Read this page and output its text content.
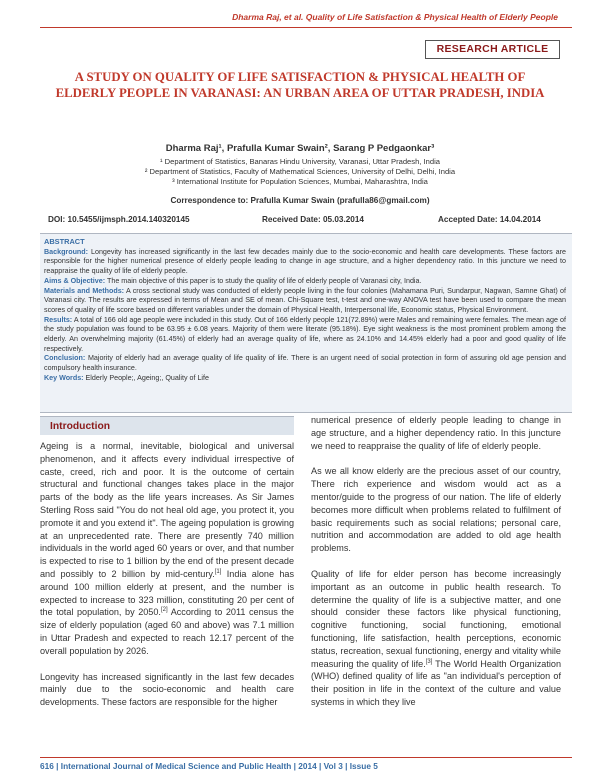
Dharma Raj, et al. Quality of Life Satisfaction & Physical Health of Elderly People
RESEARCH ARTICLE
A STUDY ON QUALITY OF LIFE SATISFACTION & PHYSICAL HEALTH OF ELDERLY PEOPLE IN VARANASI: AN URBAN AREA OF UTTAR PRADESH, INDIA
Dharma Raj¹, Prafulla Kumar Swain², Sarang P Pedgaonkar³
¹ Department of Statistics, Banaras Hindu University, Varanasi, Uttar Pradesh, India
² Department of Statistics, Faculty of Mathematical Sciences, University of Delhi, Delhi, India
³ International Institute for Population Sciences, Mumbai, Maharashtra, India
Correspondence to: Prafulla Kumar Swain (prafulla86@gmail.com)
DOI: 10.5455/ijmsph.2014.140320145	Received Date: 05.03.2014	Accepted Date: 14.04.2014

ABSTRACT

Background: Longevity has increased significantly in the last few decades mainly due to the socio-economic and health care developments. These factors are responsible for the higher numerical presence of elderly people leading to change in age structure, and a higher dependency ratio. In this juncture we need to reappraise the quality of life of elderly people.

Aims & Objective: The main objective of this paper is to study the quality of life of elderly people of Varanasi city, India.

Materials and Methods: A cross sectional study was conducted of elderly people living in the four colonies (Mahamana Puri, Sundarpur, Nagwan, Samne Ghat) of Varanasi city. The results are expressed in terms of Mean and SE of mean. Chi-Square test, t-test and one-way ANOVA test have been used to compare the mean scores of quality of life score based on different variables under the domain of Physical Health, Interpersonal life, Economic status, Physical Environment.

Results: A total of 166 old age people were included in this study. Out of 166 elderly people 121(72.89%) were Males and remaining were females. The mean age of the study population was found to be 63.95 ± 6.08 years. Majority of them were literate (95.18%). Eye sight weakness is the most prominent problem among the elderly. An overwhelming majority (61.45%) of elderly had an average quality of life, where as 24.10% and 14.45% elderly had a poor and good quality of life respectively.

Conclusion: Majority of elderly had an average quality of life quality of life. There is an urgent need of social protection in form of assuring old age pension and compulsory health insurance.

Key Words: Elderly People;, Ageing;, Quality of Life

Introduction

Ageing is a normal, inevitable, biological and universal phenomenon, and it affects every individual irrespective of caste, creed, rich and poor. It is the outcome of certain structural and functional changes takes place in the major parts of the body as the life years increases. As Sir James Sterling Ross said "You do not heal old age, you protect it, you promote it and you extend it". The ageing population is growing at an unprecedented rate. There are presently 740 million individuals in the world aged 60 years or over, and that number is expected to rise to 1 billion by the end of the present decade and possibly to 2 billion by mid-century.[1] India alone has around 100 million elderly at present, and the number is expected to increase to 323 million, constituting 20 per cent of the total population, by 2050.[2] According to 2011 census the size of elderly population (aged 60 and above) was 7.1 million in Uttar Pradesh and expected to reach 12.17 percent of the overall population by 2026.

Longevity has increased significantly in the last few decades mainly due to the socio-economic and health care developments. These factors are responsible for the higher

numerical presence of elderly people leading to change in age structure, and a higher dependency ratio. In this juncture we need to reappraise the quality of life of elderly people.

As we all know elderly are the precious asset of our country, There rich experience and wisdom would act as a mentor/guide to the progress of our nation. The life of elderly becomes more difficult when problems related to fulfilment of basic requirements such as social relations; personal care, nutrition and accommodation are added to old age health problems.

Quality of life for elder person has become increasingly important as an outcome in public health research. To determine the quality of life is a subjective matter, and one should consider these factors like physical functioning, cognitive functioning, social functioning, emotional functioning, life satisfaction, health perceptions, economic status, recreation, sexual functioning, energy and vitality while measuring the quality of life.[3] The World Health Organization (WHO) defined quality of life as "an individual's perception of their position in life in the context of the culture and value systems in which they live

616 | International Journal of Medical Science and Public Health | 2014 | Vol 3 | Issue 5
